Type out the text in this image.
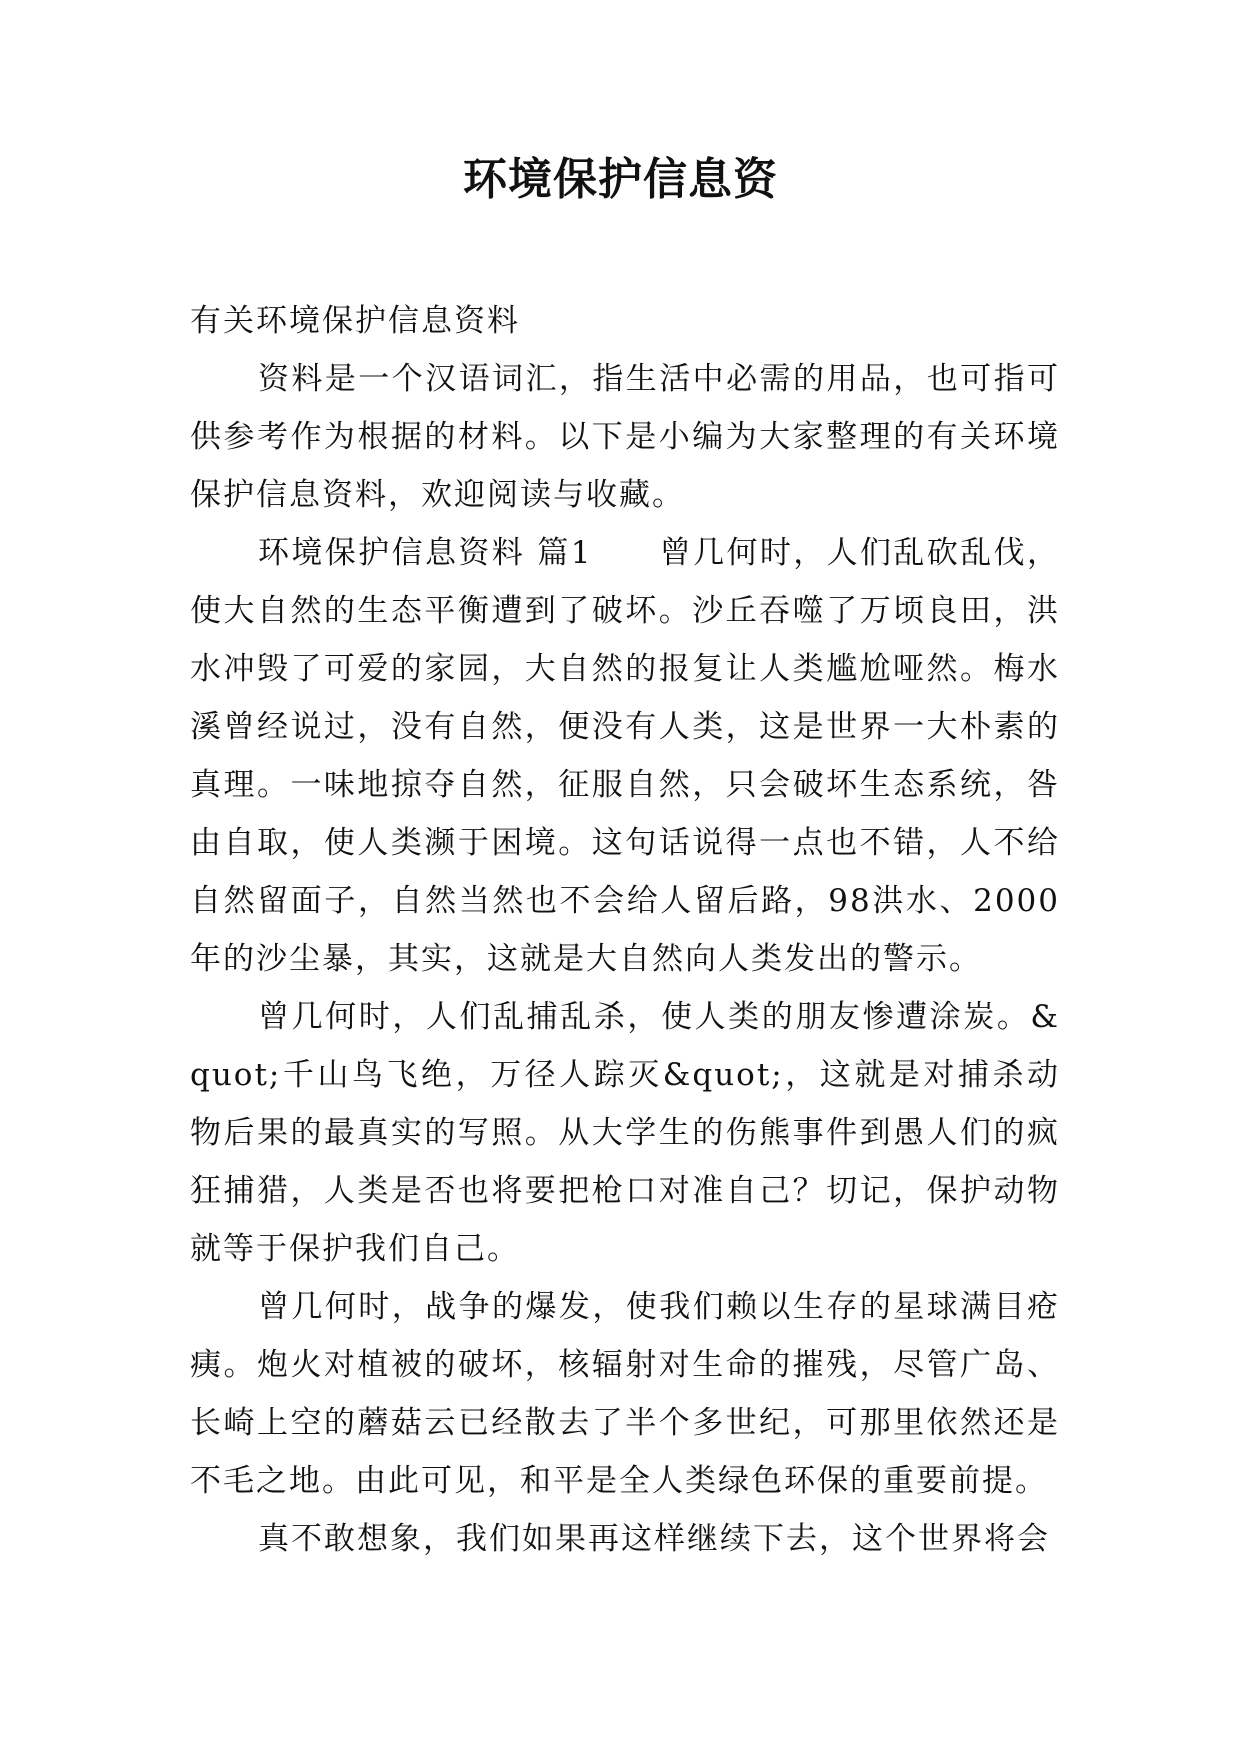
环境保护信息资

有关环境保护信息资料

资料是一个汉语词汇，指生活中必需的用品，也可指可供参考作为根据的材料。以下是小编为大家整理的有关环境保护信息资料，欢迎阅读与收藏。

环境保护信息资料 篇1　　曾几何时，人们乱砍乱伐，使大自然的生态平衡遭到了破坏。沙丘吞噬了万顷良田，洪水冲毁了可爱的家园，大自然的报复让人类尴尬哑然。梅水溪曾经说过，没有自然，便没有人类，这是世界一大朴素的真理。一味地掠夺自然，征服自然，只会破坏生态系统，咎由自取，使人类濒于困境。这句话说得一点也不错，人不给自然留面子，自然当然也不会给人留后路，98洪水、2000年的沙尘暴，其实，这就是大自然向人类发出的警示。

曾几何时，人们乱捕乱杀，使人类的朋友惨遭涂炭。&quot;千山鸟飞绝，万径人踪灭&quot;，这就是对捕杀动物后果的最真实的写照。从大学生的伤熊事件到愚人们的疯狂捕猎，人类是否也将要把枪口对准自己？切记，保护动物就等于保护我们自己。

曾几何时，战争的爆发，使我们赖以生存的星球满目疮痍。炮火对植被的破坏，核辐射对生命的摧残，尽管广岛、长崎上空的蘑菇云已经散去了半个多世纪，可那里依然还是不毛之地。由此可见，和平是全人类绿色环保的重要前提。

真不敢想象，我们如果再这样继续下去，这个世界将会
